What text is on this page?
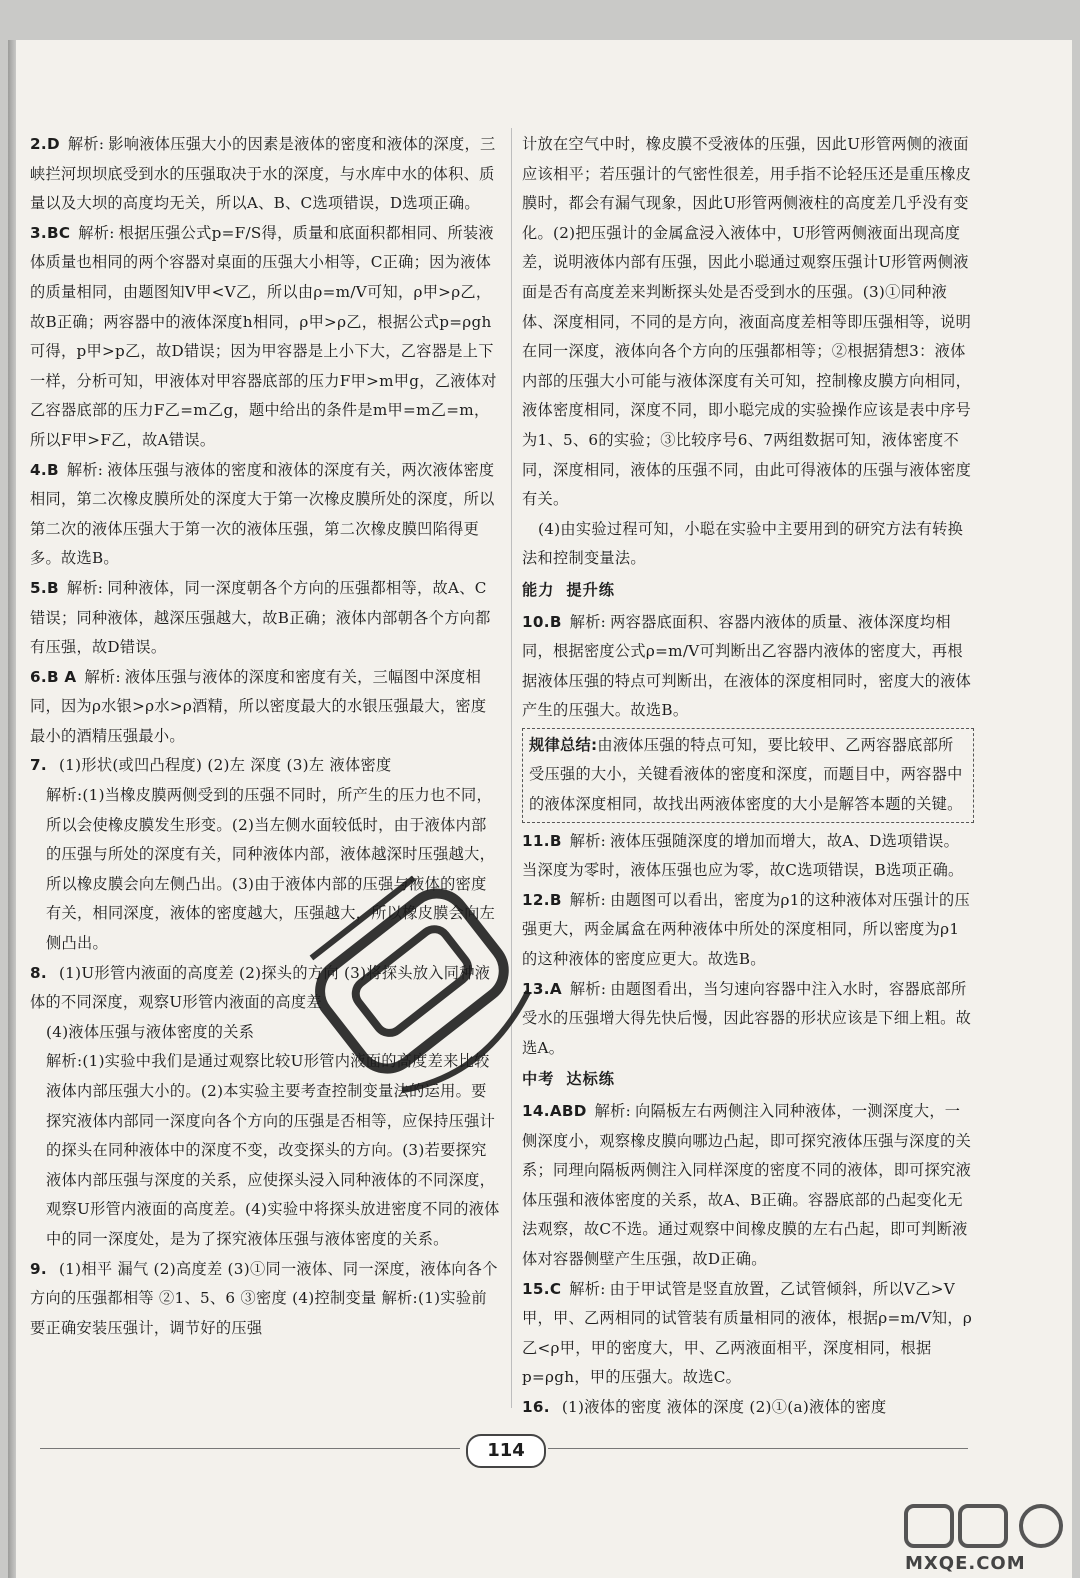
2.D 解析: 影响液体压强大小的因素是液体的密度和液体的深度，三峡拦河坝坝底受到水的压强取决于水的深度，与水库中水的体积、质量以及大坝的高度均无关，所以A、B、C选项错误，D选项正确。

3.BC 解析: 根据压强公式p=F/S得，质量和底面积都相同、所装液体质量也相同的两个容器对桌面的压强大小相等，C正确；因为液体的质量相同，由题图知V甲<V乙，所以由ρ=m/V可知，ρ甲>ρ乙，故B正确；两容器中的液体深度h相同，ρ甲>ρ乙，根据公式p=ρgh可得，p甲>p乙，故D错误；因为甲容器是上小下大，乙容器是上下一样，分析可知，甲液体对甲容器底部的压力F甲>m甲g，乙液体对乙容器底部的压力F乙=m乙g，题中给出的条件是m甲=m乙=m，所以F甲>F乙，故A错误。

4.B 解析: 液体压强与液体的密度和液体的深度有关，两次液体密度相同，第二次橡皮膜所处的深度大于第一次橡皮膜所处的深度，所以第二次的液体压强大于第一次的液体压强，第二次橡皮膜凹陷得更多。故选B。

5.B 解析: 同种液体，同一深度朝各个方向的压强都相等，故A、C错误；同种液体，越深压强越大，故B正确；液体内部朝各个方向都有压强，故D错误。

6.B A 解析: 液体压强与液体的深度和密度有关，三幅图中深度相同，因为ρ水银>ρ水>ρ酒精，所以密度最大的水银压强最大，密度最小的酒精压强最小。

7. (1)形状(或凹凸程度) (2)左 深度 (3)左 液体密度

解析:(1)当橡皮膜两侧受到的压强不同时，所产生的压力也不同，所以会使橡皮膜发生形变。(2)当左侧水面较低时，由于液体内部的压强与所处的深度有关，同种液体内部，液体越深时压强越大，所以橡皮膜会向左侧凸出。(3)由于液体内部的压强与液体的密度有关，相同深度，液体的密度越大，压强越大，所以橡皮膜会向左侧凸出。

8. (1)U形管内液面的高度差 (2)探头的方向 (3)将探头放入同种液体的不同深度，观察U形管内液面的高度差

(4)液体压强与液体密度的关系

解析:(1)实验中我们是通过观察比较U形管内液面的高度差来比较液体内部压强大小的。(2)本实验主要考查控制变量法的运用。要探究液体内部同一深度向各个方向的压强是否相等，应保持压强计的探头在同种液体中的深度不变，改变探头的方向。(3)若要探究液体内部压强与深度的关系，应使探头浸入同种液体的不同深度，观察U形管内液面的高度差。(4)实验中将探头放进密度不同的液体中的同一深度处，是为了探究液体压强与液体密度的关系。

9. (1)相平 漏气 (2)高度差 (3)①同一液体、同一深度，液体向各个方向的压强都相等 ②1、5、6 ③密度 (4)控制变量 解析:(1)实验前要正确安装压强计，调节好的压强

计放在空气中时，橡皮膜不受液体的压强，因此U形管两侧的液面应该相平；若压强计的气密性很差，用手指不论轻压还是重压橡皮膜时，都会有漏气现象，因此U形管两侧液柱的高度差几乎没有变化。(2)把压强计的金属盒浸入液体中，U形管两侧液面出现高度差，说明液体内部有压强，因此小聪通过观察压强计U形管两侧液面是否有高度差来判断探头处是否受到水的压强。(3)①同种液体、深度相同，不同的是方向，液面高度差相等即压强相等，说明在同一深度，液体向各个方向的压强都相等；②根据猜想3：液体内部的压强大小可能与液体深度有关可知，控制橡皮膜方向相同，液体密度相同，深度不同，即小聪完成的实验操作应该是表中序号为1、5、6的实验；③比较序号6、7两组数据可知，液体密度不同，深度相同，液体的压强不同，由此可得液体的压强与液体密度有关。

(4)由实验过程可知，小聪在实验中主要用到的研究方法有转换法和控制变量法。

能力 提升练

10.B 解析: 两容器底面积、容器内液体的质量、液体深度均相同，根据密度公式ρ=m/V可判断出乙容器内液体的密度大，再根据液体压强的特点可判断出，在液体的深度相同时，密度大的液体产生的压强大。故选B。

规律总结:由液体压强的特点可知，要比较甲、乙两容器底部所受压强的大小，关键看液体的密度和深度，而题目中，两容器中的液体深度相同，故找出两液体密度的大小是解答本题的关键。

11.B 解析: 液体压强随深度的增加而增大，故A、D选项错误。当深度为零时，液体压强也应为零，故C选项错误，B选项正确。

12.B 解析: 由题图可以看出，密度为ρ1的这种液体对压强计的压强更大，两金属盒在两种液体中所处的深度相同，所以密度为ρ1的这种液体的密度应更大。故选B。

13.A 解析: 由题图看出，当匀速向容器中注入水时，容器底部所受水的压强增大得先快后慢，因此容器的形状应该是下细上粗。故选A。

中考 达标练

14.ABD 解析: 向隔板左右两侧注入同种液体，一测深度大，一侧深度小，观察橡皮膜向哪边凸起，即可探究液体压强与深度的关系；同理向隔板两侧注入同样深度的密度不同的液体，即可探究液体压强和液体密度的关系，故A、B正确。容器底部的凸起变化无法观察，故C不选。通过观察中间橡皮膜的左右凸起，即可判断液体对容器侧壁产生压强，故D正确。

15.C 解析: 由于甲试管是竖直放置，乙试管倾斜，所以V乙>V甲，甲、乙两相同的试管装有质量相同的液体，根据ρ=m/V知，ρ乙<ρ甲，甲的密度大，甲、乙两液面相平，深度相同，根据p=ρgh，甲的压强大。故选C。

16. (1)液体的密度 液体的深度 (2)①(a)液体的密度

114
MXQE.COM
